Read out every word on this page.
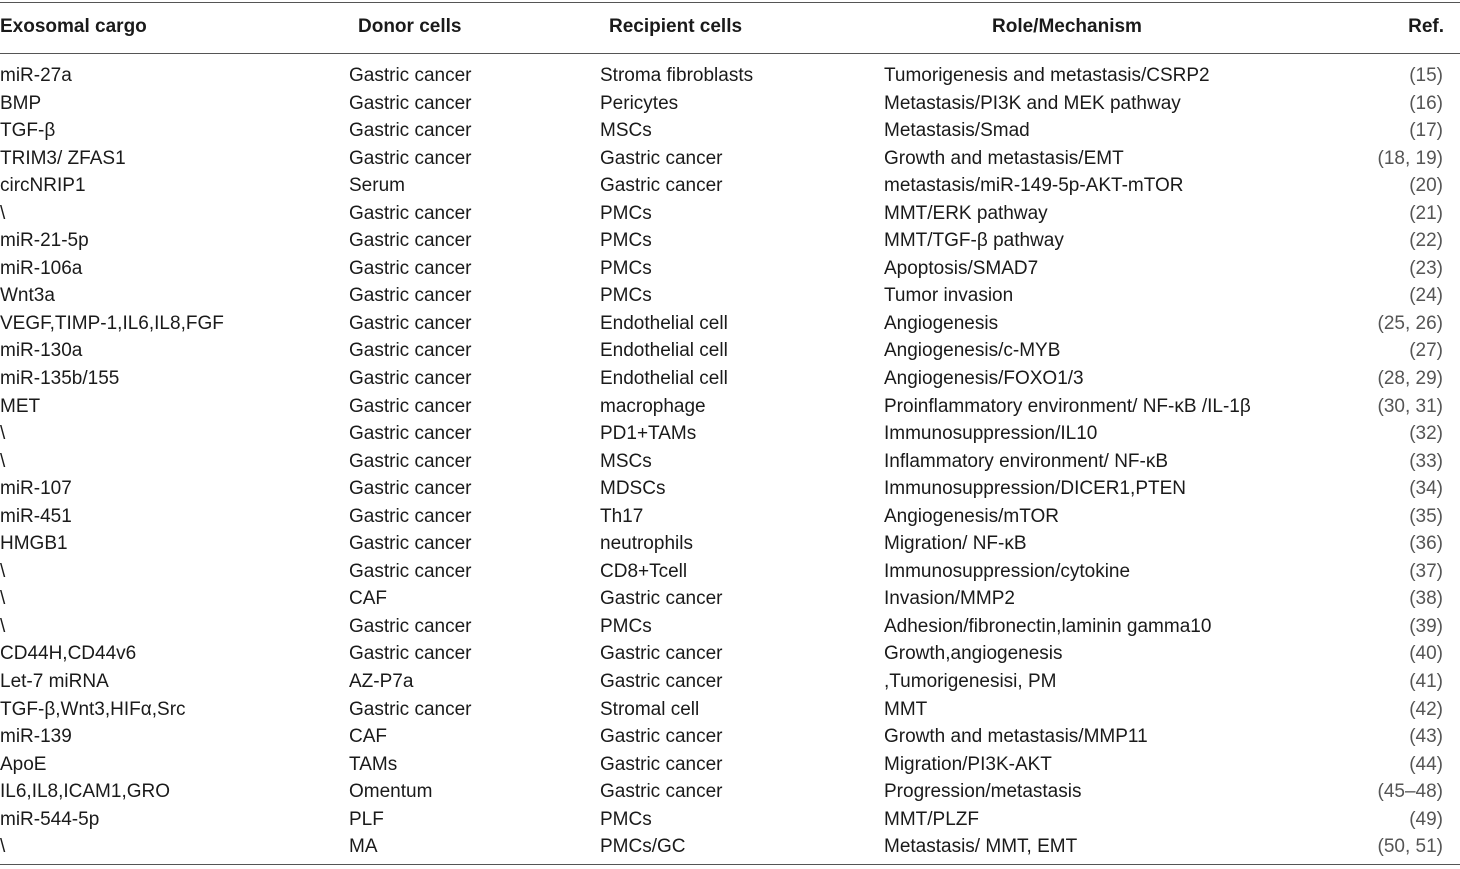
Exosomal cargo	Donor cells	Recipient cells	Role/Mechanism	Ref.
miR-27a	Gastric cancer	Stroma fibroblasts	Tumorigenesis and metastasis/CSRP2	(15)
BMP	Gastric cancer	Pericytes	Metastasis/PI3K and MEK pathway	(16)
TGF-β	Gastric cancer	MSCs	Metastasis/Smad	(17)
TRIM3/ ZFAS1	Gastric cancer	Gastric cancer	Growth and metastasis/EMT	(18, 19)
circNRIP1	Serum	Gastric cancer	metastasis/miR-149-5p-AKT-mTOR	(20)
\	Gastric cancer	PMCs	MMT/ERK pathway	(21)
miR-21-5p	Gastric cancer	PMCs	MMT/TGF-β pathway	(22)
miR-106a	Gastric cancer	PMCs	Apoptosis/SMAD7	(23)
Wnt3a	Gastric cancer	PMCs	Tumor invasion	(24)
VEGF,TIMP-1,IL6,IL8,FGF	Gastric cancer	Endothelial cell	Angiogenesis	(25, 26)
miR-130a	Gastric cancer	Endothelial cell	Angiogenesis/c-MYB	(27)
miR-135b/155	Gastric cancer	Endothelial cell	Angiogenesis/FOXO1/3	(28, 29)
MET	Gastric cancer	macrophage	Proinflammatory environment/ NF-κB /IL-1β	(30, 31)
\	Gastric cancer	PD1+TAMs	Immunosuppression/IL10	(32)
\	Gastric cancer	MSCs	Inflammatory environment/ NF-κB	(33)
miR-107	Gastric cancer	MDSCs	Immunosuppression/DICER1,PTEN	(34)
miR-451	Gastric cancer	Th17	Angiogenesis/mTOR	(35)
HMGB1	Gastric cancer	neutrophils	Migration/ NF-κB	(36)
\	Gastric cancer	CD8+Tcell	Immunosuppression/cytokine	(37)
\	CAF	Gastric cancer	Invasion/MMP2	(38)
\	Gastric cancer	PMCs	Adhesion/fibronectin,laminin gamma10	(39)
CD44H,CD44v6	Gastric cancer	Gastric cancer	Growth,angiogenesis	(40)
Let-7 miRNA	AZ-P7a	Gastric cancer	,Tumorigenesisi, PM	(41)
TGF-β,Wnt3,HIFα,Src	Gastric cancer	Stromal cell	MMT	(42)
miR-139	CAF	Gastric cancer	Growth and metastasis/MMP11	(43)
ApoE	TAMs	Gastric cancer	Migration/PI3K-AKT	(44)
IL6,IL8,ICAM1,GRO	Omentum	Gastric cancer	Progression/metastasis	(45–48)
miR-544-5p	PLF	PMCs	MMT/PLZF	(49)
\	MA	PMCs/GC	Metastasis/ MMT, EMT	(50, 51)
